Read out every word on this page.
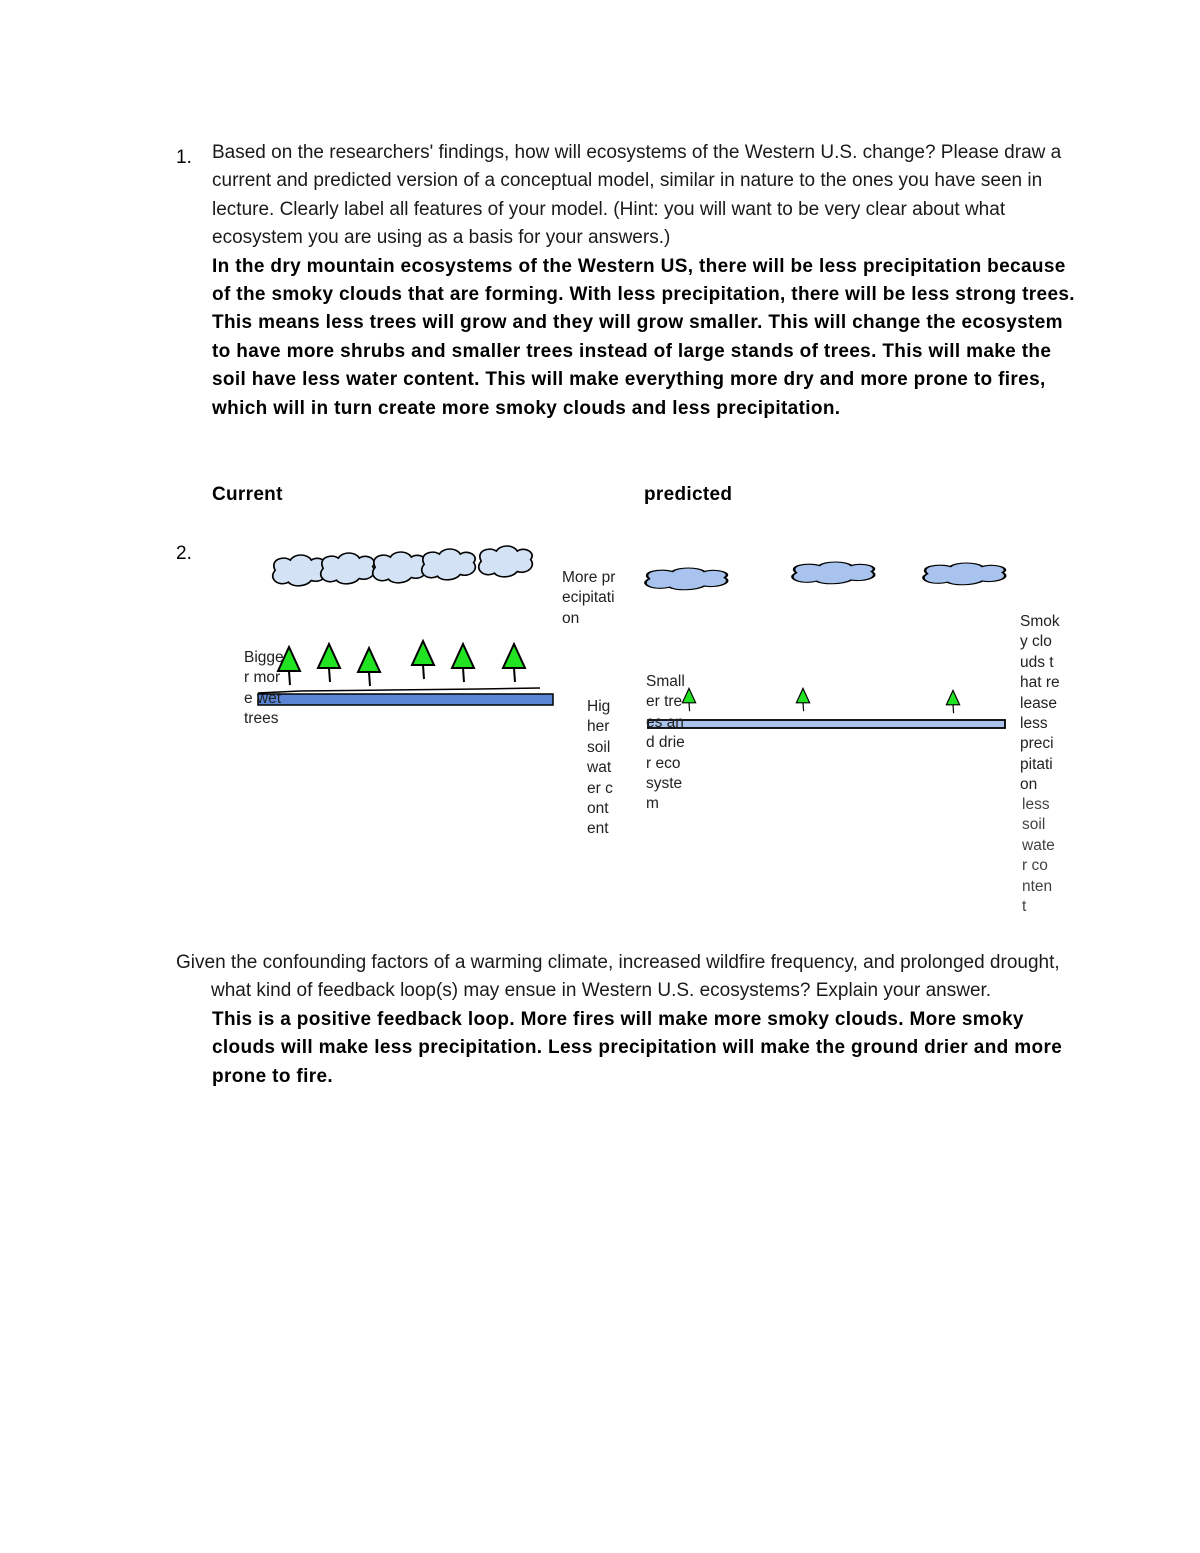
1. Based on the researchers' findings, how will ecosystems of the Western U.S. change? Please draw a current and predicted version of a conceptual model, similar in nature to the ones you have seen in lecture. Clearly label all features of your model. (Hint: you will want to be very clear about what ecosystem you are using as a basis for your answers.)
In the dry mountain ecosystems of the Western US, there will be less precipitation because of the smoky clouds that are forming. With less precipitation, there will be less strong trees. This means less trees will grow and they will grow smaller. This will change the ecosystem to have more shrubs and smaller trees instead of large stands of trees. This will make the soil have less water content. This will make everything more dry and more prone to fires, which will in turn create more smoky clouds and less precipitation.
Current	predicted
2.
Bigger more wet trees
More precipitation
Higher soil water content
Smaller trees and drier ecosystem
Smoky clouds that release less precipitation
less soil water content
Given the confounding factors of a warming climate, increased wildfire frequency, and prolonged drought, what kind of feedback loop(s) may ensue in Western U.S. ecosystems? Explain your answer.
This is a positive feedback loop. More fires will make more smoky clouds. More smoky clouds will make less precipitation. Less precipitation will make the ground drier and more prone to fire.
